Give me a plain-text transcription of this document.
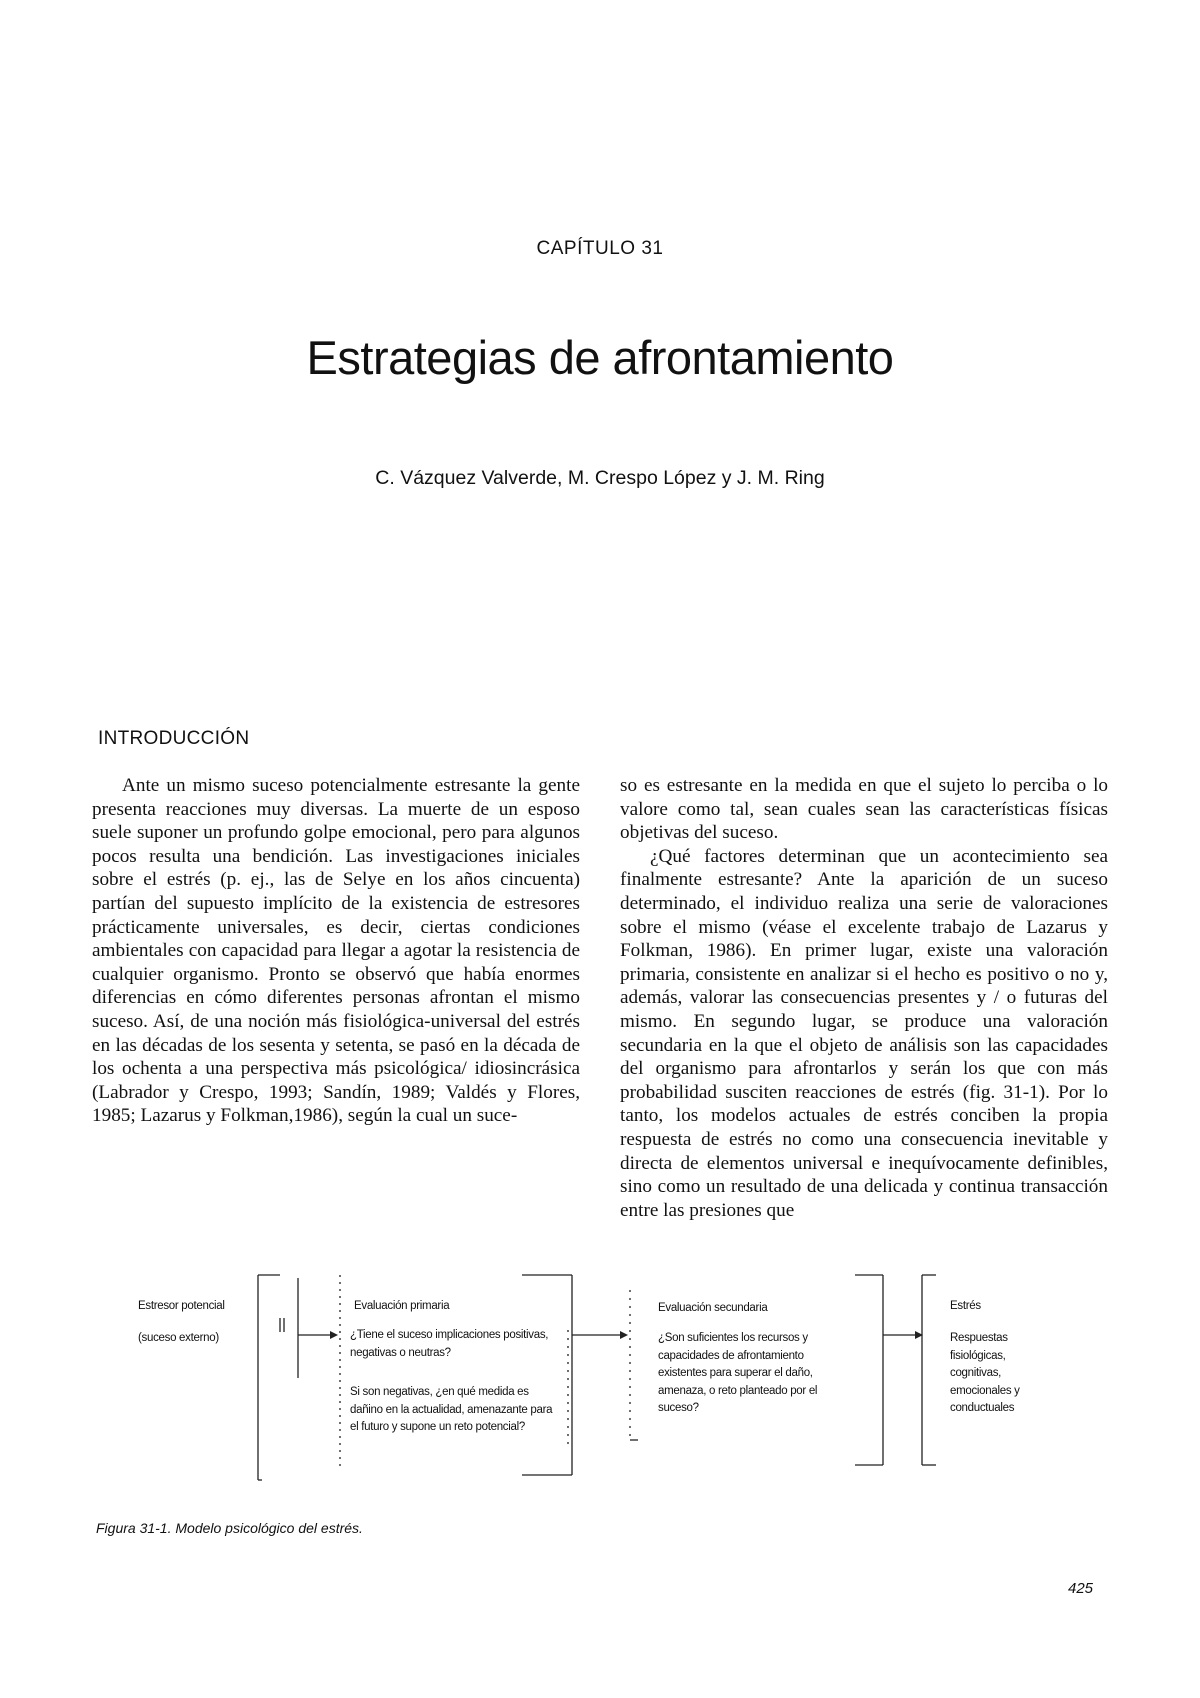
CAPÍTULO 31
Estrategias de afrontamiento
C. Vázquez Valverde, M. Crespo López y J. M. Ring
INTRODUCCIÓN

Ante un mismo suceso potencialmente estresante la gente presenta reacciones muy diversas. La muerte de un esposo suele suponer un profundo golpe emocional, pero para algunos pocos resulta una bendición. Las investigaciones iniciales sobre el estrés (p. ej., las de Selye en los años cincuenta) partían del supuesto implícito de la existencia de estresores prácticamente universales, es decir, ciertas condiciones ambientales con capacidad para llegar a agotar la resistencia de cualquier organismo. Pronto se observó que había enormes diferencias en cómo diferentes personas afrontan el mismo suceso. Así, de una noción más fisiológica-universal del estrés en las décadas de los sesenta y setenta, se pasó en la década de los ochenta a una perspectiva más psicológica/ idiosincrásica (Labrador y Crespo, 1993; Sandín, 1989; Valdés y Flores, 1985; Lazarus y Folkman,1986), según la cual un suce-

so es estresante en la medida en que el sujeto lo perciba o lo valore como tal, sean cuales sean las características físicas objetivas del suceso.

¿Qué factores determinan que un acontecimiento sea finalmente estresante? Ante la aparición de un suceso determinado, el individuo realiza una serie de valoraciones sobre el mismo (véase el excelente trabajo de Lazarus y Folkman, 1986). En primer lugar, existe una valoración primaria, consistente en analizar si el hecho es positivo o no y, además, valorar las consecuencias presentes y / o futuras del mismo. En segundo lugar, se produce una valoración secundaria en la que el objeto de análisis son las capacidades del organismo para afrontarlos y serán los que con más probabilidad susciten reacciones de estrés (fig. 31-1). Por lo tanto, los modelos actuales de estrés conciben la propia respuesta de estrés no como una consecuencia inevitable y directa de elementos universal e inequívocamente definibles, sino como un resultado de una delicada y continua transacción entre las presiones que

Estresor potencial
(suceso externo)
Evaluación primaria
¿Tiene el suceso implicaciones positivas, negativas o neutras?
Si son negativas, ¿en qué medida es dañino en la actualidad, amenazante para el futuro y supone un reto potencial?
Evaluación secundaria
¿Son suficientes los recursos y capacidades de afrontamiento existentes para superar el daño, amenaza, o reto planteado por el suceso?
Estrés
Respuestas fisiológicas, cognitivas, emocionales y conductuales
Figura 31-1. Modelo psicológico del estrés.
425
